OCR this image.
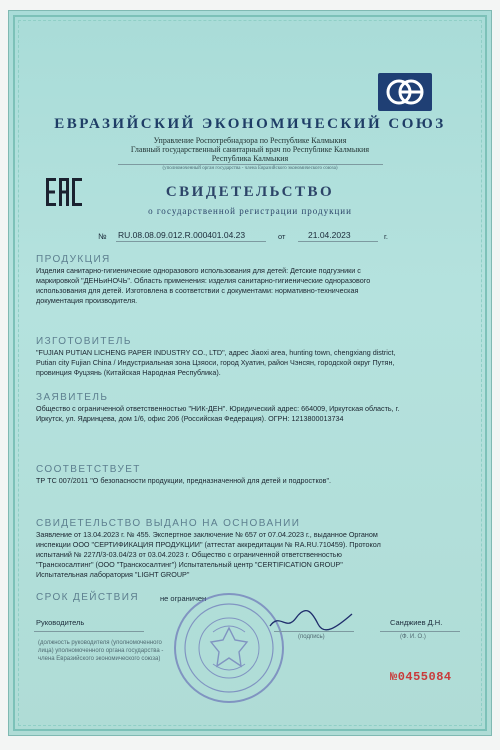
ЕВРАЗИЙСКИЙ ЭКОНОМИЧЕСКИЙ СОЮЗ
Управление Роспотребнадзора по Республике Калмыкия
Главный государственный санитарный врач по Республике Калмыкия
Республика Калмыкия
(уполномоченный орган государства - члена Евразийского экономического союза)
СВИДЕТЕЛЬСТВО
о государственной регистрации продукции
№ RU.08.08.09.012.R.000401.04.23	от	21.04.2023	г.
ПРОДУКЦИЯ
Изделия санитарно-гигиенические одноразового использования для детей: Детские подгузники с
маркировкой "ДЕНЬиНОЧЬ". Область применения: изделия санитарно-гигиенические одноразового
использования для детей. Изготовлена в соответствии с документами: нормативно-техническая
документация производителя.
ИЗГОТОВИТЕЛЬ
"FUJIAN PUTIAN LICHENG PAPER INDUSTRY CO., LTD", адрес Jiaoxi area, hunting town, chengxiang district,
Putian city Fujian China / Индустриальная зона Цзяоси, город Хуатин, район Чэнсян, городской округ Путян,
провинция Фуцзянь (Китайская Народная Республика).
ЗАЯВИТЕЛЬ
Общество с ограниченной ответственностью "НИК-ДЕН". Юридический адрес: 664009, Иркутская область, г.
Иркутск, ул. Ядринцева, дом 1/6, офис 206 (Российская Федерация). ОГРН: 1213800013734
СООТВЕТСТВУЕТ
ТР ТС 007/2011 "О безопасности продукции, предназначенной для детей и подростков".
СВИДЕТЕЛЬСТВО ВЫДАНО НА ОСНОВАНИИ
Заявление от 13.04.2023 г. № 455. Экспертное заключение № 657 от 07.04.2023 г., выданное Органом
инспекции ООО "СЕРТИФИКАЦИЯ ПРОДУКЦИИ" (аттестат аккредитации № RA.RU.710459). Протокол
испытаний № 227Л/3-03.04/23 от 03.04.2023 г. Общество с ограниченной ответственностью
"Транскосалтинг" (ООО "Транскосалтинг") Испытательный центр "CERTIFICATION GROUP"
Испытательная лаборатория "LIGHT GROUP"
СРОК ДЕЙСТВИЯ	не ограничен
Руководитель	Санджиев Д.Н.
(подпись)	(Ф. И. О.)
(должность руководителя (уполномоченного
лица) уполномоченного органа государства -
члена Евразийского экономического союза)
№0455084
